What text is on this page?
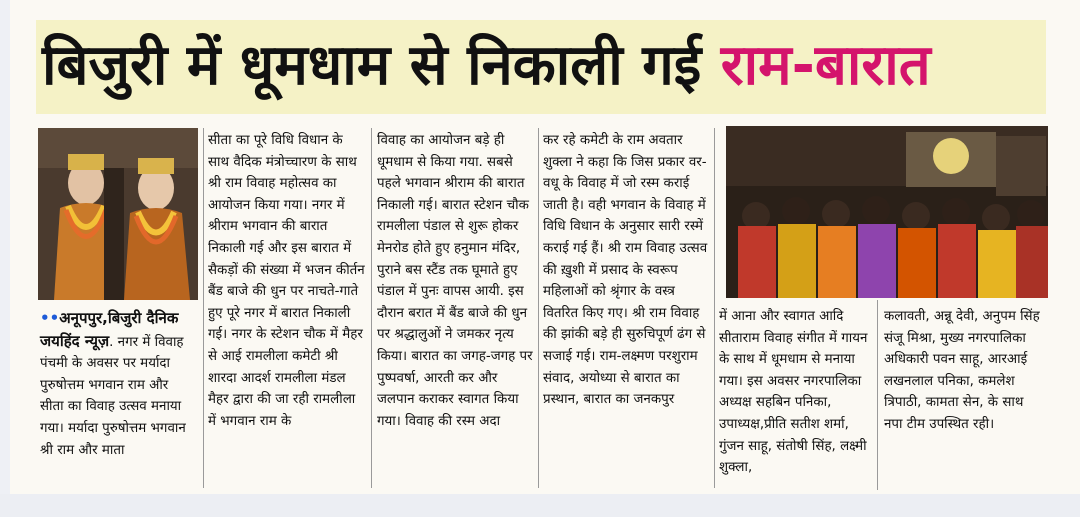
बिजुरी में धूमधाम से निकाली गई राम-बारात

••अनूपपुर,बिजुरी दैनिक जयहिंद न्यूज़. नगर में विवाह पंचमी के अवसर पर मर्यादा पुरुषोत्तम भगवान राम और सीता का विवाह उत्सव मनाया गया। मर्यादा पुरुषोत्तम भगवान श्री राम और माता

सीता का पूरे विधि विधान के साथ वैदिक मंत्रोच्चारण के साथ श्री राम विवाह महोत्सव का आयोजन किया गया। नगर में श्रीराम भगवान की बारात निकाली गई और इस बारात में सैकड़ों की संख्या में भजन कीर्तन बैंड बाजे की धुन पर नाचते-गाते हुए पूरे नगर में बारात निकाली गई। नगर के स्टेशन चौक में मैहर से आई रामलीला कमेटी श्री शारदा आदर्श रामलीला मंडल मैहर द्वारा की जा रही रामलीला में भगवान राम के

विवाह का आयोजन बड़े ही धूमधाम से किया गया. सबसे पहले भगवान श्रीराम की बारात निकाली गई। बारात स्टेशन चौक रामलीला पंडाल से शुरू होकर मेनरोड होते हुए हनुमान मंदिर, पुराने बस स्टैंड तक घूमाते हुए पंडाल में पुनः वापस आयी. इस दौरान बरात में बैंड बाजे की धुन पर श्रद्धालुओं ने जमकर नृत्य किया। बारात का जगह-जगह पर पुष्पवर्षा, आरती कर और जलपान कराकर स्वागत किया गया। विवाह की रस्म अदा

कर रहे कमेटी के राम अवतार शुक्ला ने कहा कि जिस प्रकार वर-वधू के विवाह में जो रस्म कराई जाती है। वही भगवान के विवाह में विधि विधान के अनुसार सारी रस्में कराई गई हैं। श्री राम विवाह उत्सव की ख़ुशी में प्रसाद के स्वरूप महिलाओं को श्रृंगार के वस्त्र वितरित किए गए। श्री राम विवाह की झांकी बड़े ही सुरुचिपूर्ण ढंग से सजाई गई। राम-लक्ष्मण परशुराम संवाद, अयोध्या से बारात का प्रस्थान, बारात का जनकपुर

में आना और स्वागत आदि सीताराम विवाह संगीत में गायन के साथ में धूमधाम से मनाया गया। इस अवसर नगरपालिका अध्यक्ष सहबिन पनिका, उपाध्यक्ष,प्रीति सतीश शर्मा, गुंजन साहू, संतोषी सिंह, लक्ष्मी शुक्ला,

कलावती, अन्नू देवी, अनुपम सिंह संजू मिश्रा, मुख्य नगरपालिका अधिकारी पवन साहू, आरआई लखनलाल पनिका, कमलेश त्रिपाठी, कामता सेन, के साथ नपा टीम उपस्थित रही।
